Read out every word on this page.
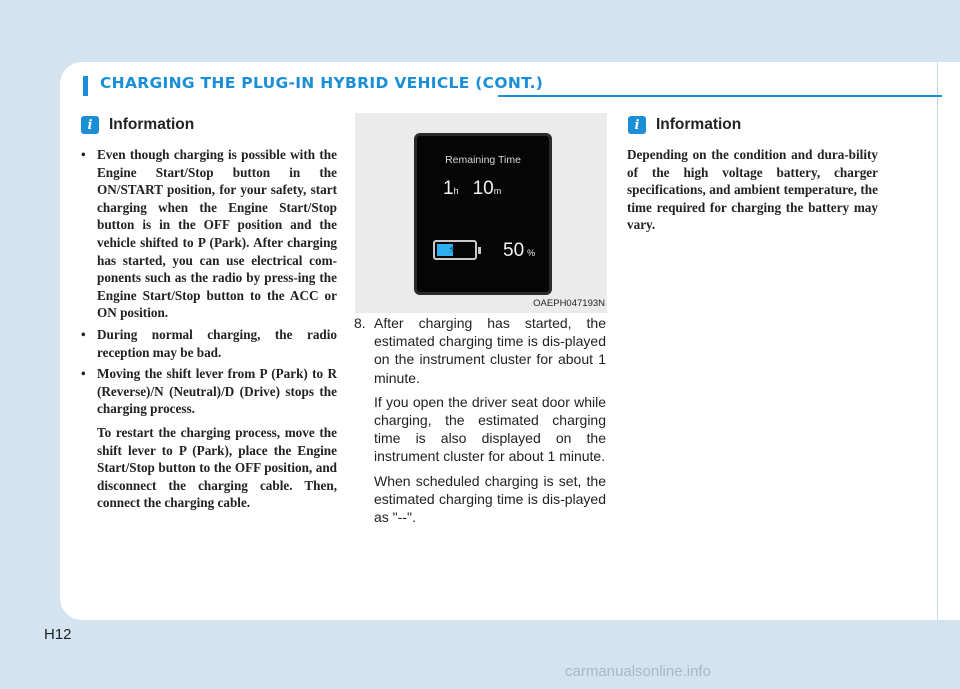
CHARGING THE PLUG-IN HYBRID VEHICLE (CONT.)
i	Information
• Even though charging is possible with the Engine Start/Stop button in the ON/START position, for your safety, start charging when the Engine Start/Stop button is in the OFF position and the vehicle shifted to P (Park). After charging has started, you can use electrical com-ponents such as the radio by press-ing the Engine Start/Stop button to the ACC or ON position.
• During normal charging, the radio reception may be bad.
• Moving the shift lever from P (Park) to R (Reverse)/N (Neutral)/D (Drive) stops the charging process.

To restart the charging process, move the shift lever to P (Park), place the Engine Start/Stop button to the OFF position, and disconnect the charging cable. Then, connect the charging cable.

Remaining Time
1h 10m
⚡ 50 %
OAEPH047193N
8. After charging has started, the estimated charging time is dis-played on the instrument cluster for about 1 minute.

If you open the driver seat door while charging, the estimated charging time is also displayed on the instrument cluster for about 1 minute.

When scheduled charging is set, the estimated charging time is dis-played as "--".

i	Information

Depending on the condition and dura-bility of the high voltage battery, charger specifications, and ambient temperature, the time required for charging the battery may vary.

H12
carmanualsonline.info
